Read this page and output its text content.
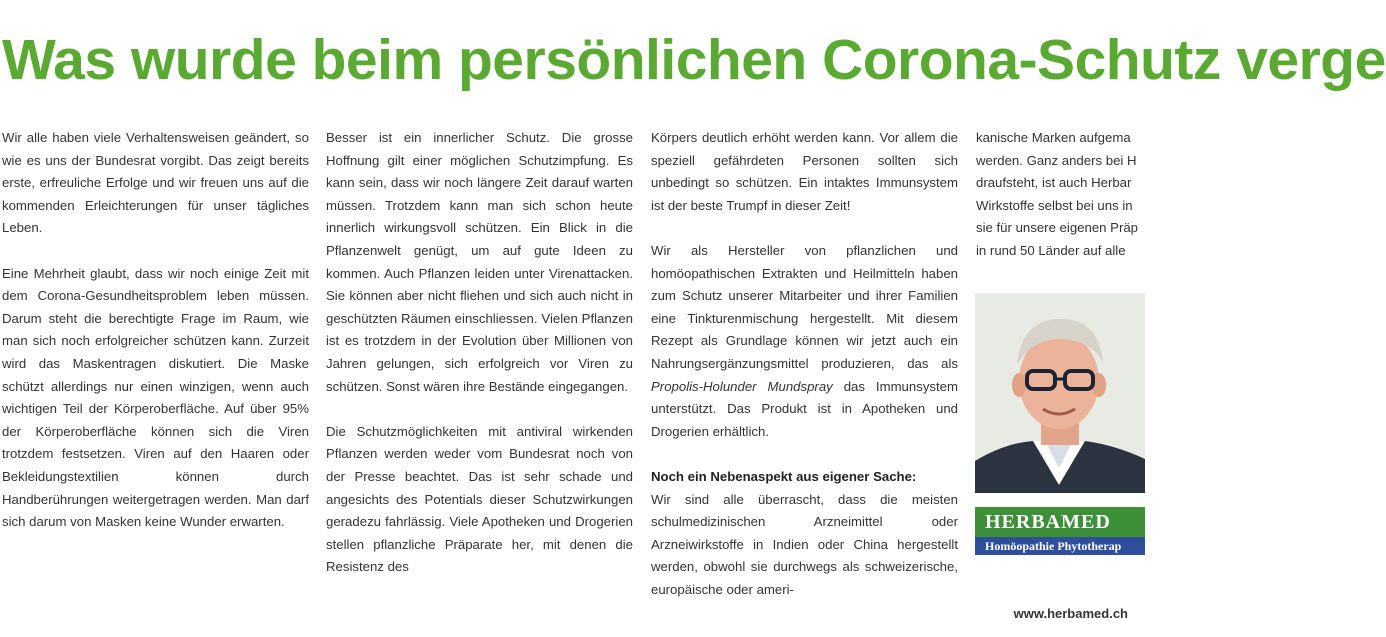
Was wurde beim persönlichen Corona-Schutz verge

Wir alle haben viele Verhaltensweisen geändert, so wie es uns der Bundesrat vorgibt. Das zeigt bereits erste, erfreuliche Erfolge und wir freuen uns auf die kommenden Erleichterungen für unser tägliches Leben.

Eine Mehrheit glaubt, dass wir noch einige Zeit mit dem Corona-Gesundheitsproblem leben müssen. Darum steht die berechtigte Frage im Raum, wie man sich noch erfolgreicher schützen kann. Zurzeit wird das Maskentragen diskutiert. Die Maske schützt allerdings nur einen winzigen, wenn auch wichtigen Teil der Körperoberfläche. Auf über 95% der Körperoberfläche können sich die Viren trotzdem festsetzen. Viren auf den Haaren oder Bekleidungstextilien können durch Handberührungen weitergetragen werden. Man darf sich darum von Masken keine Wunder erwarten.

Besser ist ein innerlicher Schutz. Die grosse Hoffnung gilt einer möglichen Schutzimpfung. Es kann sein, dass wir noch längere Zeit darauf warten müssen. Trotzdem kann man sich schon heute innerlich wirkungsvoll schützen. Ein Blick in die Pflanzenwelt genügt, um auf gute Ideen zu kommen. Auch Pflanzen leiden unter Virenattacken. Sie können aber nicht fliehen und sich auch nicht in geschützten Räumen einschliessen. Vielen Pflanzen ist es trotzdem in der Evolution über Millionen von Jahren gelungen, sich erfolgreich vor Viren zu schützen. Sonst wären ihre Bestände eingegangen.

Die Schutzmöglichkeiten mit antiviral wirkenden Pflanzen werden weder vom Bundesrat noch von der Presse beachtet. Das ist sehr schade und angesichts des Potentials dieser Schutzwirkungen geradezu fahrlässig. Viele Apotheken und Drogerien stellen pflanzliche Präparate her, mit denen die Resistenz des

Körpers deutlich erhöht werden kann. Vor allem die speziell gefährdeten Personen sollten sich unbedingt so schützen. Ein intaktes Immunsystem ist der beste Trumpf in dieser Zeit!

Wir als Hersteller von pflanzlichen und homöopathischen Extrakten und Heilmitteln haben zum Schutz unserer Mitarbeiter und ihrer Familien eine Tinkturenmischung hergestellt. Mit diesem Rezept als Grundlage können wir jetzt auch ein Nahrungsergänzungsmittel produzieren, das als Propolis-Holunder Mundspray das Immunsystem unterstützt. Das Produkt ist in Apotheken und Drogerien erhältlich.

Noch ein Nebenaspekt aus eigener Sache:

Wir sind alle überrascht, dass die meisten schulmedizinischen Arzneimittel oder Arzneiwirkstoffe in Indien oder China hergestellt werden, obwohl sie durchwegs als schweizerische, europäische oder ameri-

kanische Marken aufgema
werden. Ganz anders bei H
draufsteht, ist auch Herbar
Wirkstoffe selbst bei uns in
sie für unsere eigenen Präp
in rund 50 Länder auf alle
HERBAMED
Homöopathie Phytotherap
www.herbamed.ch
